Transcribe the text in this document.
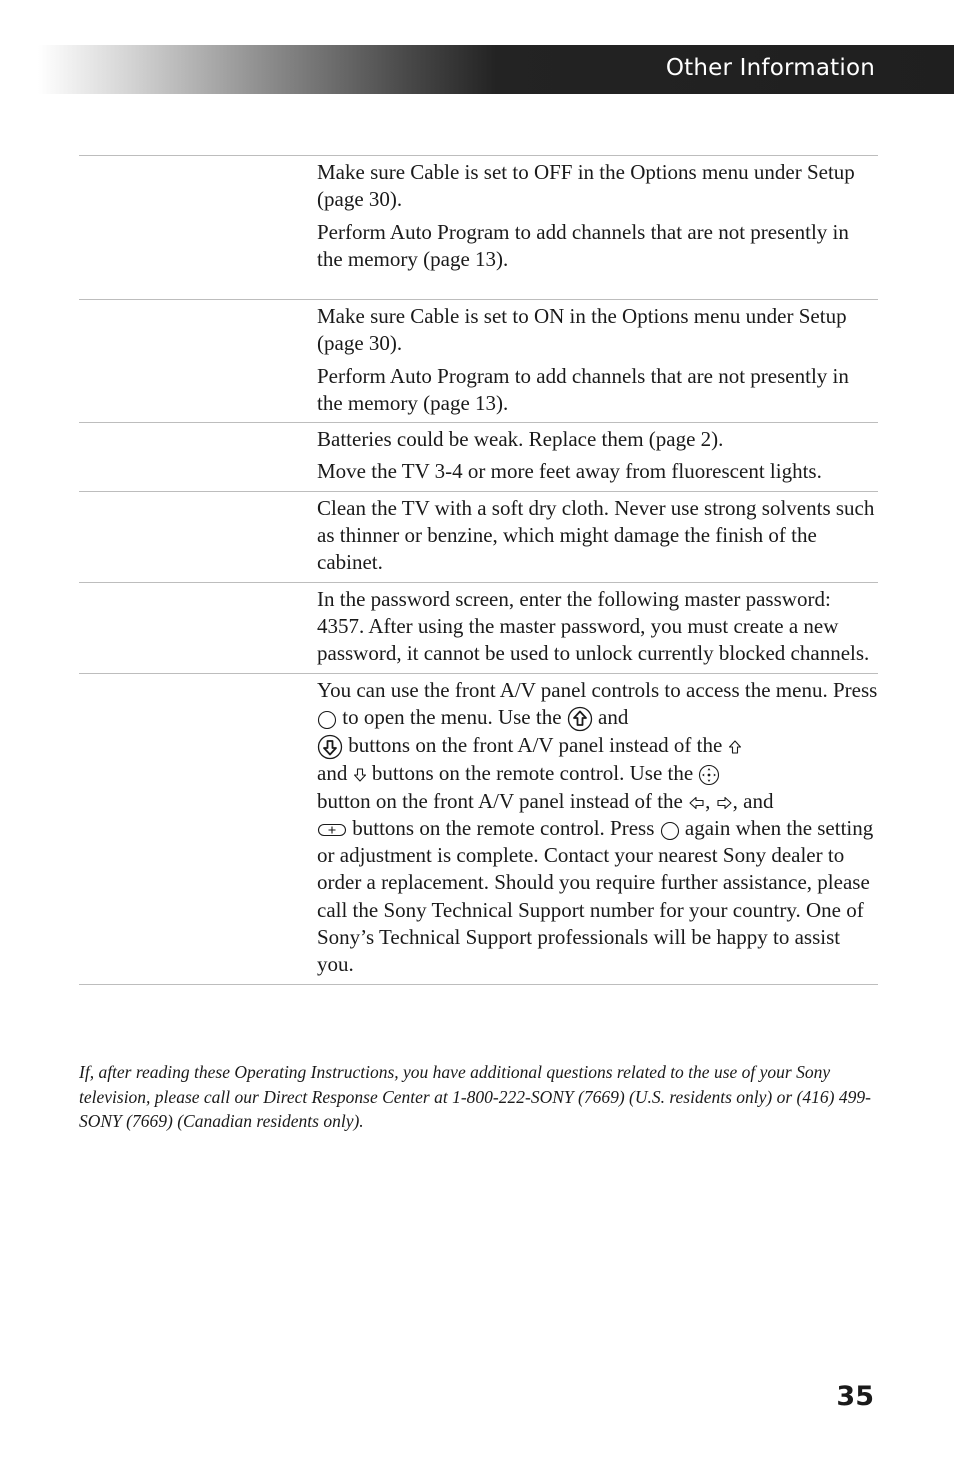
Other Information

Make sure Cable is set to OFF in the Options menu under Setup (page 30).

Perform Auto Program to add channels that are not presently in the memory (page 13).

Make sure Cable is set to ON in the Options menu under Setup (page 30).

Perform Auto Program to add channels that are not presently in the memory (page 13).

Batteries could be weak. Replace them (page 2).

Move the TV 3-4 or more feet away from fluorescent lights.

Clean the TV with a soft dry cloth. Never use strong solvents such as thinner or benzine, which might damage the finish of the cabinet.

In the password screen, enter the following master password: 4357. After using the master password, you must create a new password, it cannot be used to unlock currently blocked channels.

You can use the front A/V panel controls to access the menu. Press  to open the menu. Use the and
buttons on the front A/V panel instead of the
and buttons on the remote control. Use the
button on the front A/V panel instead of the , , and
buttons on the remote control. Press again when the setting or adjustment is complete. Contact your nearest Sony dealer to order a replacement. Should you require further assistance, please call the Sony Technical Support number for your country. One of Sony’s Technical Support professionals will be happy to assist you.

If, after reading these Operating Instructions, you have additional questions related to the use of your Sony television, please call our Direct Response Center at 1-800-222-SONY (7669) (U.S. residents only) or (416) 499-SONY (7669) (Canadian residents only).
35
